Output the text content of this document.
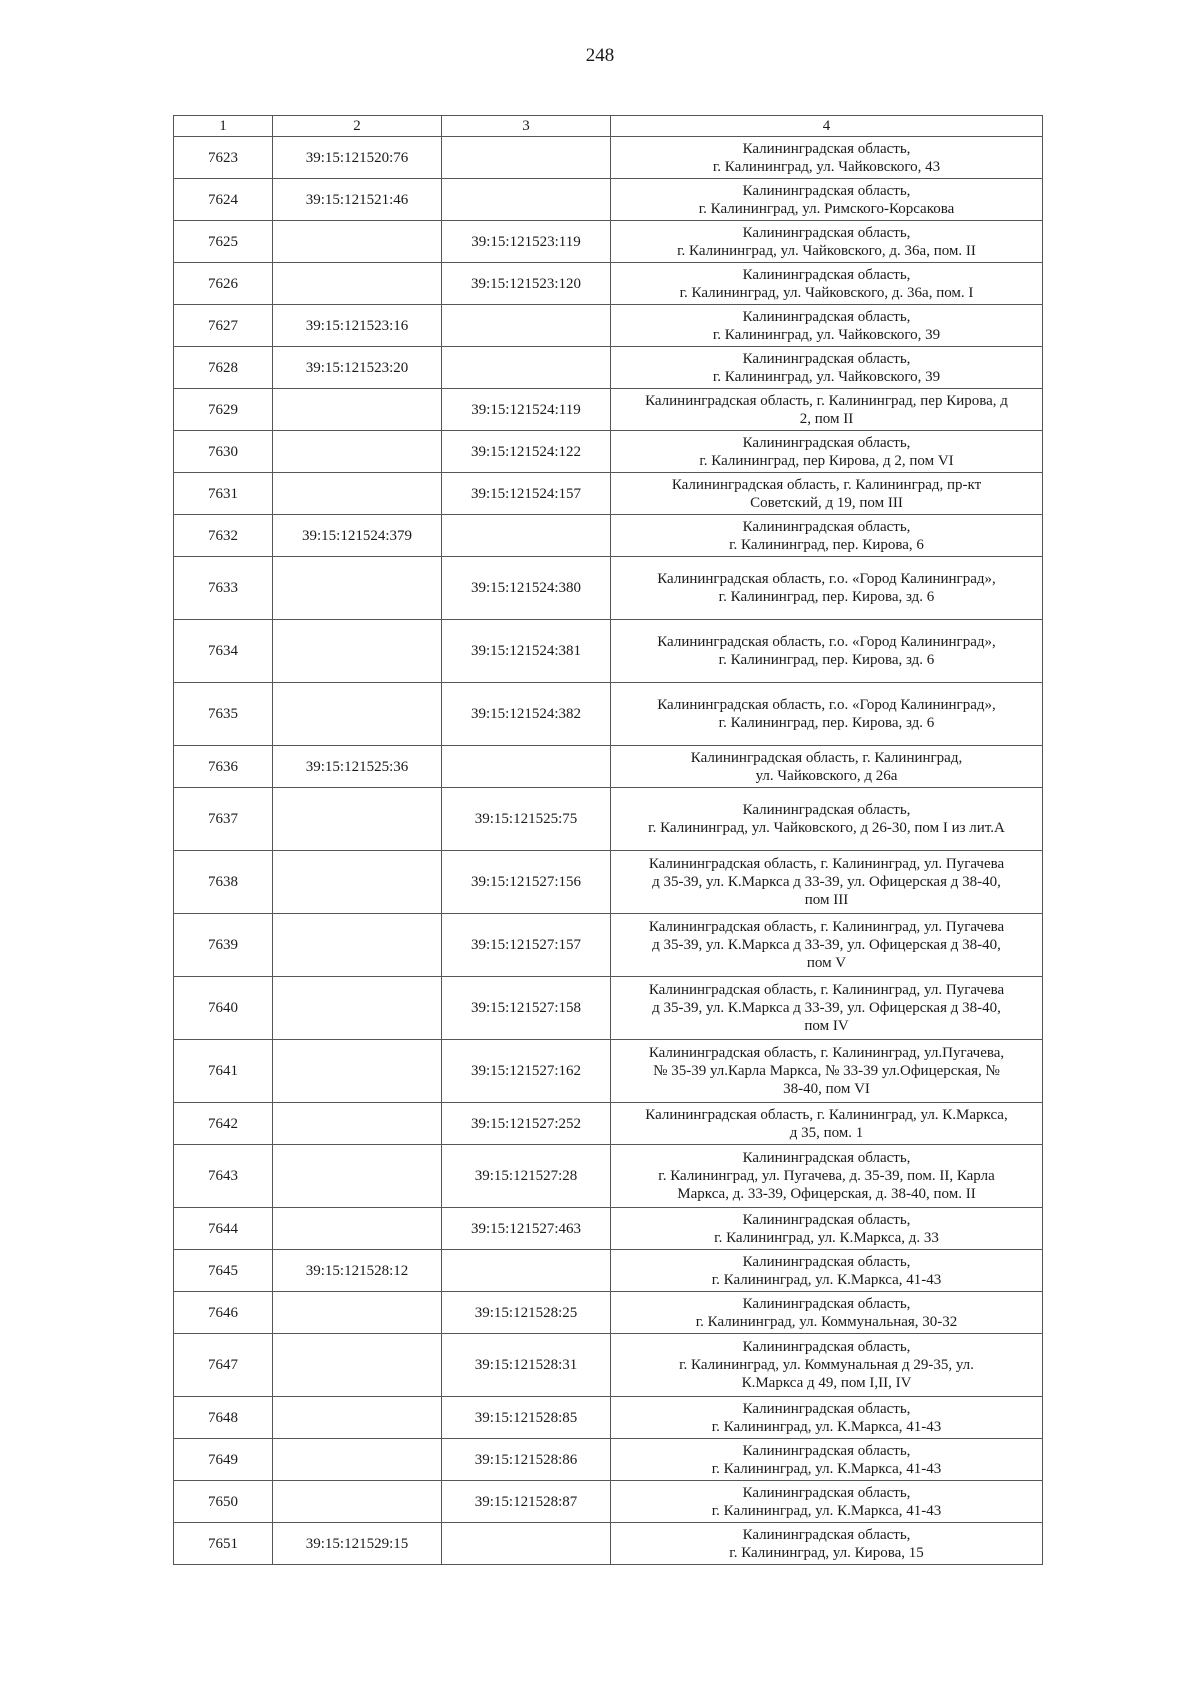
248
1	2	3	4
7623	39:15:121520:76		Калининградская область,
г. Калининград, ул. Чайковского, 43

7624	39:15:121521:46		Калининградская область,
г. Калининград, ул. Римского-Корсакова

7625		39:15:121523:119	Калининградская область,
г. Калининград, ул. Чайковского, д. 36а, пом. II

7626		39:15:121523:120	Калининградская область,
г. Калининград, ул. Чайковского, д. 36а, пом. I

7627	39:15:121523:16		Калининградская область,
г. Калининград, ул. Чайковского, 39

7628	39:15:121523:20		Калининградская область,
г. Калининград, ул. Чайковского, 39

7629		39:15:121524:119	Калининградская область, г. Калининград, пер Кирова, д
2, пом II

7630		39:15:121524:122	Калининградская область,
г. Калининград, пер Кирова, д 2, пом VI

7631		39:15:121524:157	Калининградская область, г. Калининград, пр-кт
Советский, д 19, пом III

7632	39:15:121524:379		Калининградская область,
г. Калининград, пер. Кирова, 6

7633		39:15:121524:380	Калининградская область, г.о. «Город Калининград»,
г. Калининград, пер. Кирова, зд. 6

7634		39:15:121524:381	Калининградская область, г.о. «Город Калининград»,
г. Калининград, пер. Кирова, зд. 6

7635		39:15:121524:382	Калининградская область, г.о. «Город Калининград»,
г. Калининград, пер. Кирова, зд. 6

7636	39:15:121525:36		Калининградская область, г. Калининград,
ул. Чайковского, д 26а

7637		39:15:121525:75	Калининградская область,
г. Калининград, ул. Чайковского, д 26-30, пом I из лит.А

7638		39:15:121527:156	Калининградская область, г. Калининград, ул. Пугачева
д 35-39, ул. К.Маркса д 33-39, ул. Офицерская д 38-40,
пом III

7639		39:15:121527:157	Калининградская область, г. Калининград, ул. Пугачева
д 35-39, ул. К.Маркса д 33-39, ул. Офицерская д 38-40,
пом V

7640		39:15:121527:158	Калининградская область, г. Калининград, ул. Пугачева
д 35-39, ул. К.Маркса д 33-39, ул. Офицерская д 38-40,
пом IV

7641		39:15:121527:162	Калининградская область, г. Калининград, ул.Пугачева,
№ 35-39 ул.Карла Маркса, № 33-39 ул.Офицерская, №
38-40, пом VI

7642		39:15:121527:252	Калининградская область, г. Калининград, ул. К.Маркса,
д 35, пом. 1

7643		39:15:121527:28	Калининградская область,
г. Калининград, ул. Пугачева, д. 35-39, пом. II, Карла
Маркса, д. 33-39, Офицерская, д. 38-40, пом. II

7644		39:15:121527:463	Калининградская область,
г. Калининград, ул. К.Маркса, д. 33

7645	39:15:121528:12		Калининградская область,
г. Калининград, ул. К.Маркса, 41-43

7646		39:15:121528:25	Калининградская область,
г. Калининград, ул. Коммунальная, 30-32

7647		39:15:121528:31	Калининградская область,
г. Калининград, ул. Коммунальная д 29-35, ул.
К.Маркса д 49, пом I,II, IV

7648		39:15:121528:85	Калининградская область,
г. Калининград, ул. К.Маркса, 41-43

7649		39:15:121528:86	Калининградская область,
г. Калининград, ул. К.Маркса, 41-43

7650		39:15:121528:87	Калининградская область,
г. Калининград, ул. К.Маркса, 41-43

7651	39:15:121529:15		Калининградская область,
г. Калининград, ул. Кирова, 15
